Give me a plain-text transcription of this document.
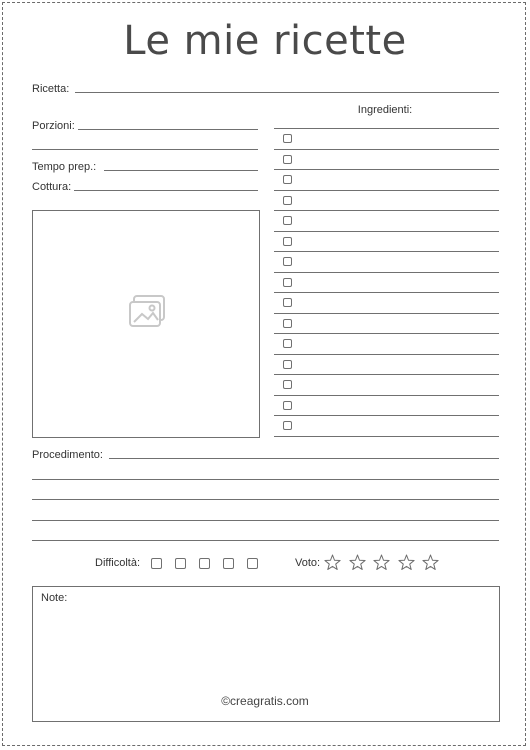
Le mie ricette
Ricetta:
Ingredienti:
Porzioni:
Tempo prep.:
Cottura:
Procedimento:
Difficoltà:	Voto:
Note:
©creagratis.com
